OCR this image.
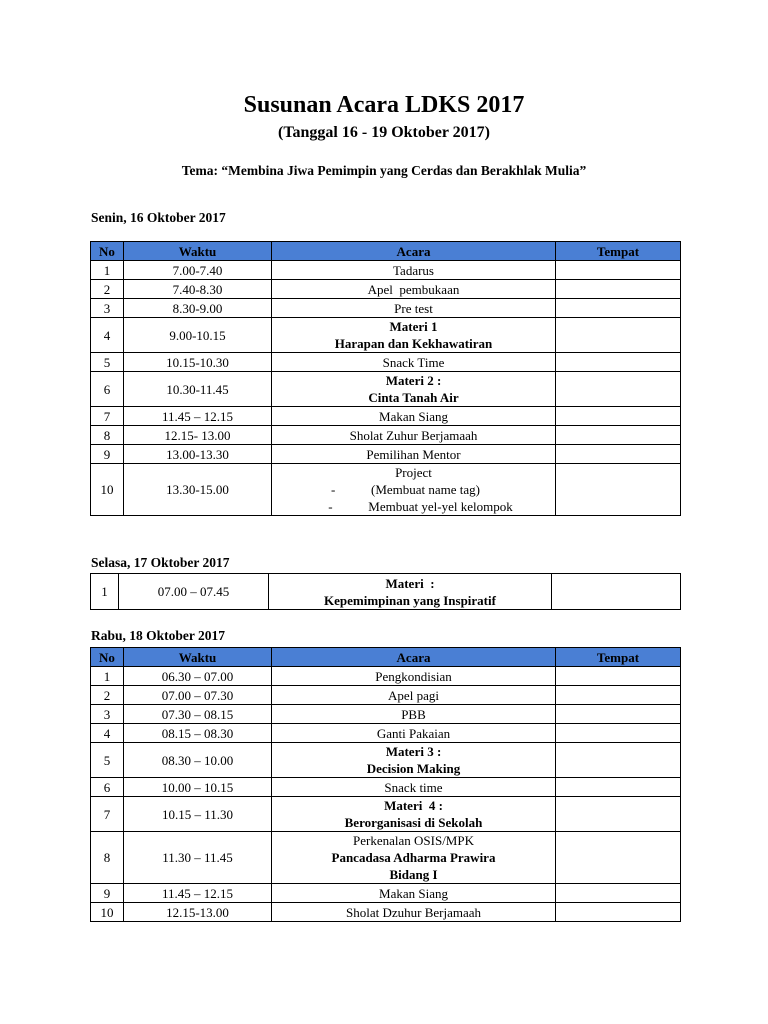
Susunan Acara LDKS 2017
(Tanggal 16 - 19 Oktober 2017)
Tema: “Membina Jiwa Pemimpin yang Cerdas dan Berakhlak Mulia”
Senin, 16 Oktober 2017
No	Waktu	Acara	Tempat
1	7.00-7.40	Tadarus	
2	7.40-8.30	Apel  pembukaan	
3	8.30-9.00	Pre test	
4	9.00-10.15	Materi 1
Harapan dan Kekhawatiran	

5	10.15-10.30	Snack Time	
6	10.30-11.45	Materi 2 :
Cinta Tanah Air	

7	11.45 – 12.15	Makan Siang	
8	12.15- 13.00	Sholat Zuhur Berjamaah	
9	13.00-13.30	Pemilihan Mentor	
10	13.30-15.00	Project
- (Membuat name tag)
- Membuat yel-yel kelompok	

Selasa, 17 Oktober 2017
1	07.00 – 07.45	
Materi  :
Kepemimpinan yang Inspiratif

Rabu, 18 Oktober 2017
No	Waktu	Acara	Tempat
1	06.30 – 07.00	Pengkondisian	
2	07.00 – 07.30	Apel pagi	
3	07.30 – 08.15	PBB	
4	08.15 – 08.30	Ganti Pakaian	
5	08.30 – 10.00	Materi 3 :
Decision Making	

6	10.00 – 10.15	Snack time	
7	10.15 – 11.30	Materi  4 :
Berorganisasi di Sekolah	

8	11.30 – 11.45	Perkenalan OSIS/MPK
Pancadasa Adharma Prawira
Bidang I	

9	11.45 – 12.15	Makan Siang	
10	12.15-13.00	Sholat Dzuhur Berjamaah	
